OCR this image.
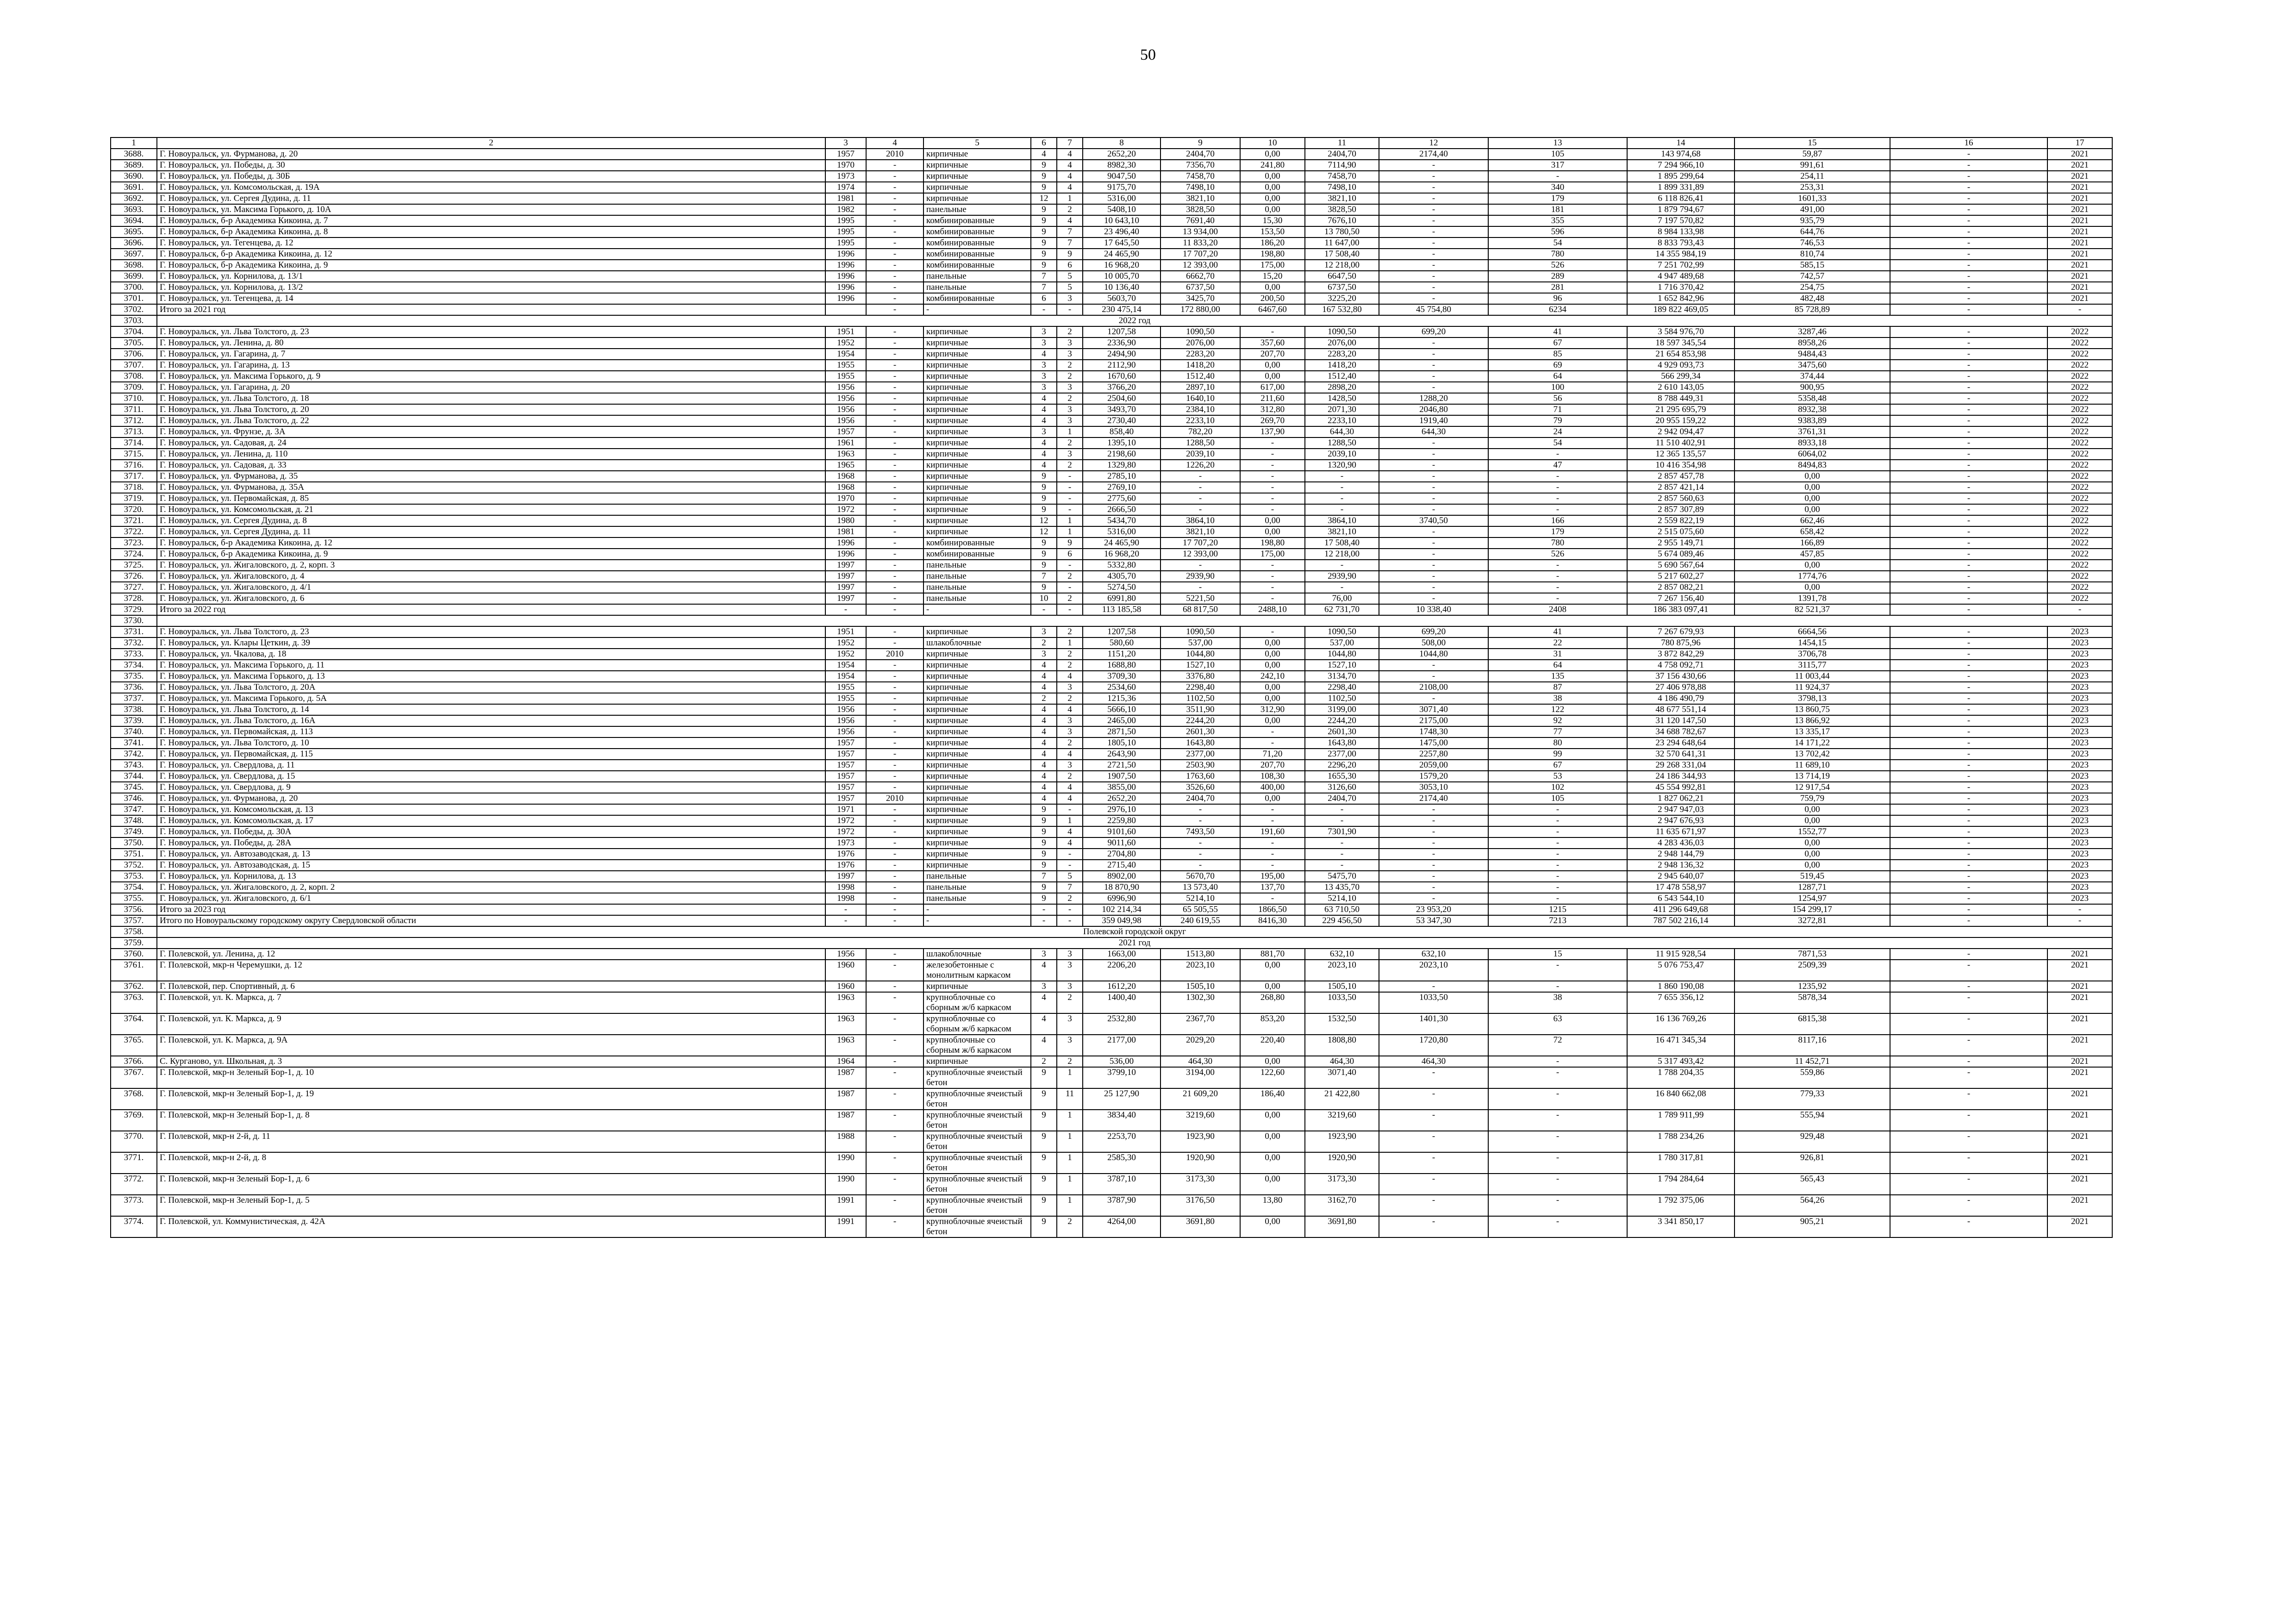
50
1	2	3	4	5	6	7	8	9	10	11	12	13	14	15	16	17
3688.	Г. Новоуральск, ул. Фурманова, д. 20	1957	2010	кирпичные	4	4	2652,20	2404,70	0,00	2404,70	2174,40	105	143 974,68	59,87	-	2021
3689.	Г. Новоуральск, ул. Победы, д. 30	1970	-	кирпичные	9	4	8982,30	7356,70	241,80	7114,90	-	317	7 294 966,10	991,61	-	2021
3690.	Г. Новоуральск, ул. Победы, д. 30Б	1973	-	кирпичные	9	4	9047,50	7458,70	0,00	7458,70	-	-	1 895 299,64	254,11	-	2021
3691.	Г. Новоуральск, ул. Комсомольская, д. 19А	1974	-	кирпичные	9	4	9175,70	7498,10	0,00	7498,10	-	340	1 899 331,89	253,31	-	2021
3692.	Г. Новоуральск, ул. Сергея Дудина, д. 11	1981	-	кирпичные	12	1	5316,00	3821,10	0,00	3821,10	-	179	6 118 826,41	1601,33	-	2021
3693.	Г. Новоуральск, ул. Максима Горького, д. 10А	1982	-	панельные	9	2	5408,10	3828,50	0,00	3828,50	-	181	1 879 794,67	491,00	-	2021
3694.	Г. Новоуральск, б-р Академика Кикоина, д. 7	1995	-	комбинированные	9	4	10 643,10	7691,40	15,30	7676,10	-	355	7 197 570,82	935,79	-	2021
3695.	Г. Новоуральск, б-р Академика Кикоина, д. 8	1995	-	комбинированные	9	7	23 496,40	13 934,00	153,50	13 780,50	-	596	8 984 133,98	644,76	-	2021
3696.	Г. Новоуральск, ул. Тегенцева, д. 12	1995	-	комбинированные	9	7	17 645,50	11 833,20	186,20	11 647,00	-	54	8 833 793,43	746,53	-	2021
3697.	Г. Новоуральск, б-р Академика Кикоина, д. 12	1996	-	комбинированные	9	9	24 465,90	17 707,20	198,80	17 508,40	-	780	14 355 984,19	810,74	-	2021
3698.	Г. Новоуральск, б-р Академика Кикоина, д. 9	1996	-	комбинированные	9	6	16 968,20	12 393,00	175,00	12 218,00	-	526	7 251 702,99	585,15	-	2021
3699.	Г. Новоуральск, ул. Корнилова, д. 13/1	1996	-	панельные	7	5	10 005,70	6662,70	15,20	6647,50	-	289	4 947 489,68	742,57	-	2021
3700.	Г. Новоуральск, ул. Корнилова, д. 13/2	1996	-	панельные	7	5	10 136,40	6737,50	0,00	6737,50	-	281	1 716 370,42	254,75	-	2021
3701.	Г. Новоуральск, ул. Тегенцева, д. 14	1996	-	комбинированные	6	3	5603,70	3425,70	200,50	3225,20	-	96	1 652 842,96	482,48	-	2021
3702.	Итого за 2021 год		-	-	-	-	230 475,14	172 880,00	6467,60	167 532,80	45 754,80	6234	189 822 469,05	85 728,89	-	-
3703.	2022 год															
3704.	Г. Новоуральск, ул. Льва Толстого, д. 23	1951	-	кирпичные	3	2	1207,58	1090,50	-	1090,50	699,20	41	3 584 976,70	3287,46	-	2022
3705.	Г. Новоуральск, ул. Ленина, д. 80	1952	-	кирпичные	3	3	2336,90	2076,00	357,60	2076,00	-	67	18 597 345,54	8958,26	-	2022
3706.	Г. Новоуральск, ул. Гагарина, д. 7	1954	-	кирпичные	4	3	2494,90	2283,20	207,70	2283,20	-	85	21 654 853,98	9484,43	-	2022
3707.	Г. Новоуральск, ул. Гагарина, д. 13	1955	-	кирпичные	3	2	2112,90	1418,20	0,00	1418,20	-	69	4 929 093,73	3475,60	-	2022
3708.	Г. Новоуральск, ул. Максима Горького, д. 9	1955	-	кирпичные	3	2	1670,60	1512,40	0,00	1512,40	-	64	566 299,34	374,44	-	2022
3709.	Г. Новоуральск, ул. Гагарина, д. 20	1956	-	кирпичные	3	3	3766,20	2897,10	617,00	2898,20	-	100	2 610 143,05	900,95	-	2022
3710.	Г. Новоуральск, ул. Льва Толстого, д. 18	1956	-	кирпичные	4	2	2504,60	1640,10	211,60	1428,50	1288,20	56	8 788 449,31	5358,48	-	2022
3711.	Г. Новоуральск, ул. Льва Толстого, д. 20	1956	-	кирпичные	4	3	3493,70	2384,10	312,80	2071,30	2046,80	71	21 295 695,79	8932,38	-	2022
3712.	Г. Новоуральск, ул. Льва Толстого, д. 22	1956	-	кирпичные	4	3	2730,40	2233,10	269,70	2233,10	1919,40	79	20 955 159,22	9383,89	-	2022
3713.	Г. Новоуральск, ул. Фрунзе, д. 3А	1957	-	кирпичные	3	1	858,40	782,20	137,90	644,30	644,30	24	2 942 094,47	3761,31	-	2022
3714.	Г. Новоуральск, ул. Садовая, д. 24	1961	-	кирпичные	4	2	1395,10	1288,50	-	1288,50	-	54	11 510 402,91	8933,18	-	2022
3715.	Г. Новоуральск, ул. Ленина, д. 110	1963	-	кирпичные	4	3	2198,60	2039,10	-	2039,10	-	-	12 365 135,57	6064,02	-	2022
3716.	Г. Новоуральск, ул. Садовая, д. 33	1965	-	кирпичные	4	2	1329,80	1226,20	-	1320,90	-	47	10 416 354,98	8494,83	-	2022
3717.	Г. Новоуральск, ул. Фурманова, д. 35	1968	-	кирпичные	9	-	2785,10	-	-	-	-	-	2 857 457,78	0,00	-	2022
3718.	Г. Новоуральск, ул. Фурманова, д. 35А	1968	-	кирпичные	9	-	2769,10	-	-	-	-	-	2 857 421,14	0,00	-	2022
3719.	Г. Новоуральск, ул. Первомайская, д. 85	1970	-	кирпичные	9	-	2775,60	-	-	-	-	-	2 857 560,63	0,00	-	2022
3720.	Г. Новоуральск, ул. Комсомольская, д. 21	1972	-	кирпичные	9	-	2666,50	-	-	-	-	-	2 857 307,89	0,00	-	2022
3721.	Г. Новоуральск, ул. Сергея Дудина, д. 8	1980	-	кирпичные	12	1	5434,70	3864,10	0,00	3864,10	3740,50	166	2 559 822,19	662,46	-	2022
3722.	Г. Новоуральск, ул. Сергея Дудина, д. 11	1981	-	кирпичные	12	1	5316,00	3821,10	0,00	3821,10	-	179	2 515 075,60	658,42	-	2022
3723.	Г. Новоуральск, б-р Академика Кикоина, д. 12	1996	-	комбинированные	9	9	24 465,90	17 707,20	198,80	17 508,40	-	780	2 955 149,71	166,89	-	2022
3724.	Г. Новоуральск, б-р Академика Кикоина, д. 9	1996	-	комбинированные	9	6	16 968,20	12 393,00	175,00	12 218,00	-	526	5 674 089,46	457,85	-	2022
3725.	Г. Новоуральск, ул. Жигаловского, д. 2, корп. 3	1997	-	панельные	9	-	5332,80	-	-	-	-	-	5 690 567,64	0,00	-	2022
3726.	Г. Новоуральск, ул. Жигаловского, д. 4	1997	-	панельные	7	2	4305,70	2939,90	-	2939,90	-	-	5 217 602,27	1774,76	-	2022
3727.	Г. Новоуральск, ул. Жигаловского, д. 4/1	1997	-	панельные	9	-	5274,50	-	-	-	-	-	2 857 082,21	0,00	-	2022
3728.	Г. Новоуральск, ул. Жигаловского, д. 6	1997	-	панельные	10	2	6991,80	5221,50	-	76,00	-	-	7 267 156,40	1391,78	-	2022
3729.	Итого за 2022 год	-	-	-	-	-	113 185,58	68 817,50	2488,10	62 731,70	10 338,40	2408	186 383 097,41	82 521,37	-	-
3730.																
3731.	Г. Новоуральск, ул. Льва Толстого, д. 23	1951	-	кирпичные	3	2	1207,58	1090,50	-	1090,50	699,20	41	7 267 679,93	6664,56	-	2023
3732.	Г. Новоуральск, ул. Клары Цеткин, д. 39	1952	-	шлакоблочные	2	1	580,60	537,00	0,00	537,00	508,00	22	780 875,96	1454,15	-	2023
3733.	Г. Новоуральск, ул. Чкалова, д. 18	1952	2010	кирпичные	3	2	1151,20	1044,80	0,00	1044,80	1044,80	31	3 872 842,29	3706,78	-	2023
3734.	Г. Новоуральск, ул. Максима Горького, д. 11	1954	-	кирпичные	4	2	1688,80	1527,10	0,00	1527,10	-	64	4 758 092,71	3115,77	-	2023
3735.	Г. Новоуральск, ул. Максима Горького, д. 13	1954	-	кирпичные	4	4	3709,30	3376,80	242,10	3134,70	-	135	37 156 430,66	11 003,44	-	2023
3736.	Г. Новоуральск, ул. Льва Толстого, д. 20А	1955	-	кирпичные	4	3	2534,60	2298,40	0,00	2298,40	2108,00	87	27 406 978,88	11 924,37	-	2023
3737.	Г. Новоуральск, ул. Максима Горького, д. 5А	1955	-	кирпичные	2	2	1215,36	1102,50	0,00	1102,50	-	38	4 186 490,79	3798,13	-	2023
3738.	Г. Новоуральск, ул. Льва Толстого, д. 14	1956	-	кирпичные	4	4	5666,10	3511,90	312,90	3199,00	3071,40	122	48 677 551,14	13 860,75	-	2023
3739.	Г. Новоуральск, ул. Льва Толстого, д. 16А	1956	-	кирпичные	4	3	2465,00	2244,20	0,00	2244,20	2175,00	92	31 120 147,50	13 866,92	-	2023
3740.	Г. Новоуральск, ул. Первомайская, д. 113	1956	-	кирпичные	4	3	2871,50	2601,30	-	2601,30	1748,30	77	34 688 782,67	13 335,17	-	2023
3741.	Г. Новоуральск, ул. Льва Толстого, д. 10	1957	-	кирпичные	4	2	1805,10	1643,80	-	1643,80	1475,00	80	23 294 648,64	14 171,22	-	2023
3742.	Г. Новоуральск, ул. Первомайская, д. 115	1957	-	кирпичные	4	4	2643,90	2377,00	71,20	2377,00	2257,80	99	32 570 641,31	13 702,42	-	2023
3743.	Г. Новоуральск, ул. Свердлова, д. 11	1957	-	кирпичные	4	3	2721,50	2503,90	207,70	2296,20	2059,00	67	29 268 331,04	11 689,10	-	2023
3744.	Г. Новоуральск, ул. Свердлова, д. 15	1957	-	кирпичные	4	2	1907,50	1763,60	108,30	1655,30	1579,20	53	24 186 344,93	13 714,19	-	2023
3745.	Г. Новоуральск, ул. Свердлова, д. 9	1957	-	кирпичные	4	4	3855,00	3526,60	400,00	3126,60	3053,10	102	45 554 992,81	12 917,54	-	2023
3746.	Г. Новоуральск, ул. Фурманова, д. 20	1957	2010	кирпичные	4	4	2652,20	2404,70	0,00	2404,70	2174,40	105	1 827 062,21	759,79	-	2023
3747.	Г. Новоуральск, ул. Комсомольская, д. 13	1971	-	кирпичные	9	-	2976,10	-	-	-	-	-	2 947 947,03	0,00	-	2023
3748.	Г. Новоуральск, ул. Комсомольская, д. 17	1972	-	кирпичные	9	1	2259,80	-	-	-	-	-	2 947 676,93	0,00	-	2023
3749.	Г. Новоуральск, ул. Победы, д. 30А	1972	-	кирпичные	9	4	9101,60	7493,50	191,60	7301,90	-	-	11 635 671,97	1552,77	-	2023
3750.	Г. Новоуральск, ул. Победы, д. 28А	1973	-	кирпичные	9	4	9011,60	-	-	-	-	-	4 283 436,03	0,00	-	2023
3751.	Г. Новоуральск, ул. Автозаводская, д. 13	1976	-	кирпичные	9	-	2704,80	-	-	-	-	-	2 948 144,79	0,00	-	2023
3752.	Г. Новоуральск, ул. Автозаводская, д. 15	1976	-	кирпичные	9	-	2715,40	-	-	-	-	-	2 948 136,32	0,00	-	2023
3753.	Г. Новоуральск, ул. Корнилова, д. 13	1997	-	панельные	7	5	8902,00	5670,70	195,00	5475,70	-	-	2 945 640,07	519,45	-	2023
3754.	Г. Новоуральск, ул. Жигаловского, д. 2, корп. 2	1998	-	панельные	9	7	18 870,90	13 573,40	137,70	13 435,70	-	-	17 478 558,97	1287,71	-	2023
3755.	Г. Новоуральск, ул. Жигаловского, д. 6/1	1998	-	панельные	9	2	6996,90	5214,10	-	5214,10	-	-	6 543 544,10	1254,97	-	2023
3756.	Итого за 2023 год	-	-	-	-	-	102 214,34	65 505,55	1866,50	63 710,50	23 953,20	1215	411 296 649,68	154 299,17	-	-
3757.	Итого по Новоуральскому городскому округу Свердловской области	-	-	-	-	-	359 049,98	240 619,55	8416,30	229 456,50	53 347,30	7213	787 502 216,14	3272,81	-	-
3758.	Полевской городской округ															
3759.	2021 год															
3760.	Г. Полевской, ул. Ленина, д. 12	1956	-	шлакоблочные	3	3	1663,00	1513,80	881,70	632,10	632,10	15	11 915 928,54	7871,53	-	2021
3761.	Г. Полевской, мкр-н Черемушки, д. 12	1960	-	железобетонные с монолитным каркасом	4	3	2206,20	2023,10	0,00	2023,10	2023,10	-	5 076 753,47	2509,39	-	2021
3762.	Г. Полевской, пер. Спортивный, д. 6	1960	-	кирпичные	3	3	1612,20	1505,10	0,00	1505,10	-	-	1 860 190,08	1235,92	-	2021
3763.	Г. Полевской, ул. К. Маркса, д. 7	1963	-	крупноблочные со сборным ж/б каркасом	4	2	1400,40	1302,30	268,80	1033,50	1033,50	38	7 655 356,12	5878,34	-	2021
3764.	Г. Полевской, ул. К. Маркса, д. 9	1963	-	крупноблочные со сборным ж/б каркасом	4	3	2532,80	2367,70	853,20	1532,50	1401,30	63	16 136 769,26	6815,38	-	2021
3765.	Г. Полевской, ул. К. Маркса, д. 9А	1963	-	крупноблочные со сборным ж/б каркасом	4	3	2177,00	2029,20	220,40	1808,80	1720,80	72	16 471 345,34	8117,16	-	2021
3766.	С. Курганово, ул. Школьная, д. 3	1964	-	кирпичные	2	2	536,00	464,30	0,00	464,30	464,30	-	5 317 493,42	11 452,71	-	2021
3767.	Г. Полевской, мкр-н Зеленый Бор-1, д. 10	1987	-	крупноблочные ячеистый бетон	9	1	3799,10	3194,00	122,60	3071,40	-	-	1 788 204,35	559,86	-	2021
3768.	Г. Полевской, мкр-н Зеленый Бор-1, д. 19	1987	-	крупноблочные ячеистый бетон	9	11	25 127,90	21 609,20	186,40	21 422,80	-	-	16 840 662,08	779,33	-	2021
3769.	Г. Полевской, мкр-н Зеленый Бор-1, д. 8	1987	-	крупноблочные ячеистый бетон	9	1	3834,40	3219,60	0,00	3219,60	-	-	1 789 911,99	555,94	-	2021
3770.	Г. Полевской, мкр-н 2-й, д. 11	1988	-	крупноблочные ячеистый бетон	9	1	2253,70	1923,90	0,00	1923,90	-	-	1 788 234,26	929,48	-	2021
3771.	Г. Полевской, мкр-н 2-й, д. 8	1990	-	крупноблочные ячеистый бетон	9	1	2585,30	1920,90	0,00	1920,90	-	-	1 780 317,81	926,81	-	2021
3772.	Г. Полевской, мкр-н Зеленый Бор-1, д. 6	1990	-	крупноблочные ячеистый бетон	9	1	3787,10	3173,30	0,00	3173,30	-	-	1 794 284,64	565,43	-	2021
3773.	Г. Полевской, мкр-н Зеленый Бор-1, д. 5	1991	-	крупноблочные ячеистый бетон	9	1	3787,90	3176,50	13,80	3162,70	-	-	1 792 375,06	564,26	-	2021
3774.	Г. Полевской, ул. Коммунистическая, д. 42А	1991	-	крупноблочные ячеистый бетон	9	2	4264,00	3691,80	0,00	3691,80	-	-	3 341 850,17	905,21	-	2021
